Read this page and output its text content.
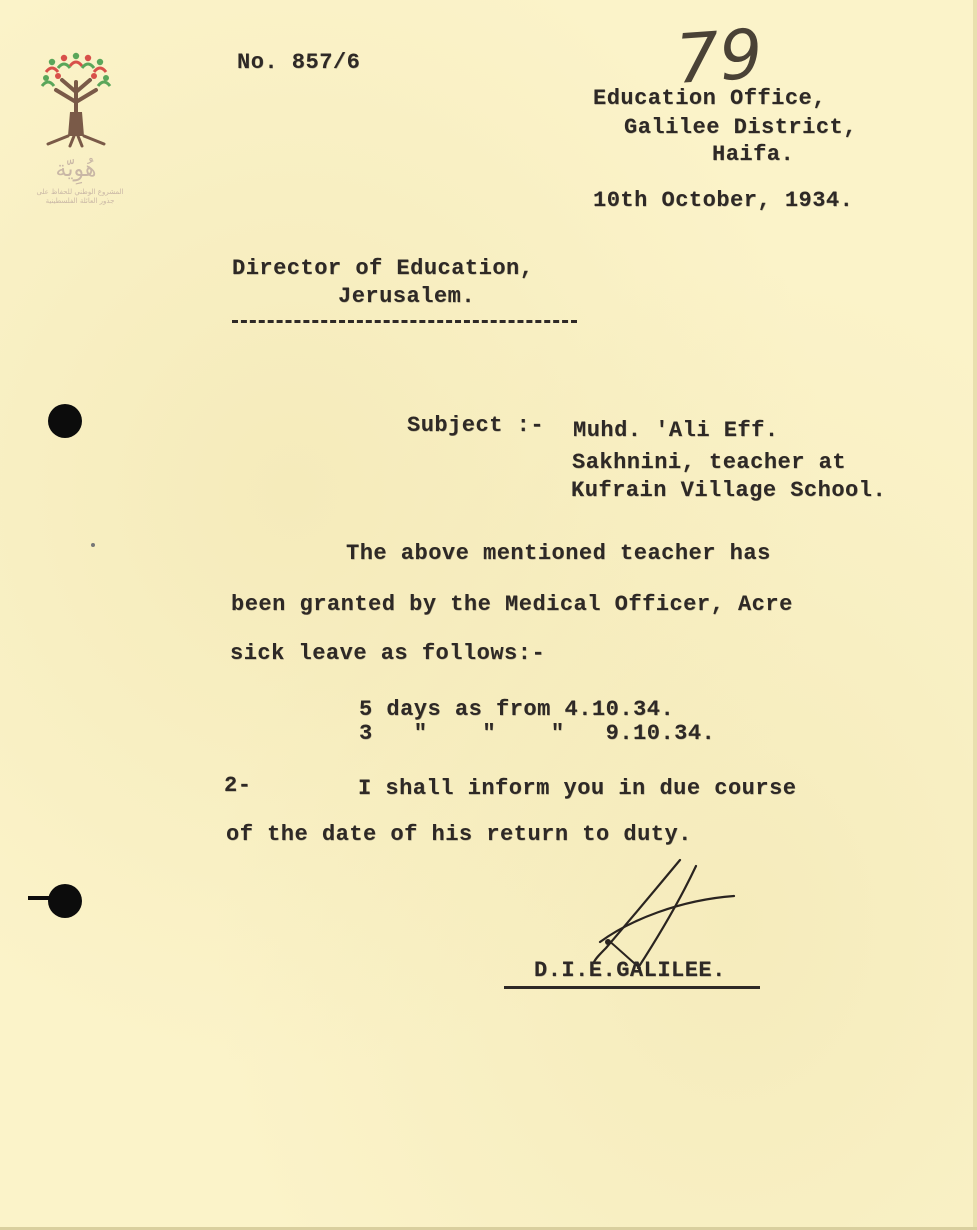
هُوِيّة
المشروع الوطني للحفاظ على جذور العائلة الفلسطينية
79
No. 857/6
Education Office,
Galilee District,
Haifa.
10th October, 1934.
Director of Education,
Jerusalem.
Subject :- Muhd. 'Ali Eff.
Sakhnini, teacher at
Kufrain Village School.
The above mentioned teacher has
been granted by the Medical Officer, Acre
sick leave as follows:-
5 days as from 4.10.34.
3   "    "    "   9.10.34.
2-	I shall inform you in due course
of the date of his return to duty.
D.I.E.GALILEE.
